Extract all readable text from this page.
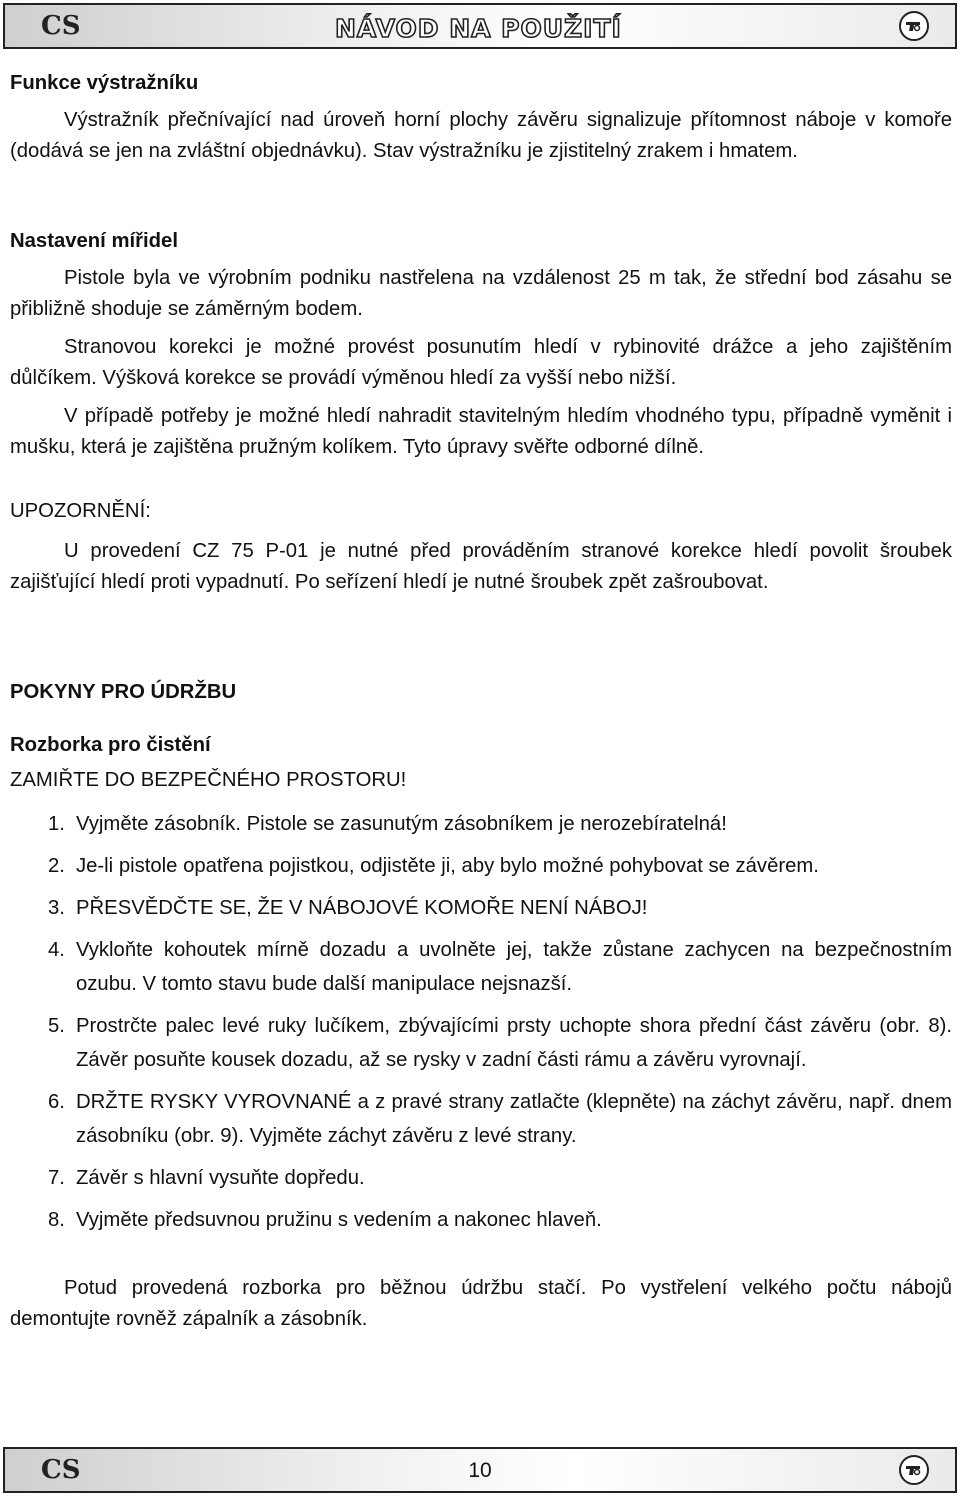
CS	NÁVOD NA POUŽITÍ
Funkce výstražníku

Výstražník přečnívající nad úroveň horní plochy závěru signalizuje přítomnost náboje v komoře (dodává se jen na zvláštní objednávku). Stav výstražníku je zjistitelný zrakem i hmatem.

Nastavení mířidel

Pistole byla ve výrobním podniku nastřelena na vzdálenost 25 m tak, že střední bod zásahu se přibližně shoduje se záměrným bodem.

Stranovou korekci je možné provést posunutím hledí v rybinovité drážce a jeho zajištěním důlčíkem. Výšková korekce se provádí výměnou hledí za vyšší nebo nižší.

V případě potřeby je možné hledí nahradit stavitelným hledím vhodného typu, případně vyměnit i mušku, která je zajištěna pružným kolíkem. Tyto úpravy svěřte odborné dílně.

UPOZORNĚNÍ:

U provedení CZ 75 P-01 je nutné před prováděním stranové korekce hledí povolit šroubek zajišťující hledí proti vypadnutí. Po seřízení hledí je nutné šroubek zpět zašroubovat.

POKYNY PRO ÚDRŽBU
Rozborka pro čistění

ZAMIŘTE DO BEZPEČNÉHO PROSTORU!

1. Vyjměte zásobník. Pistole se zasunutým zásobníkem je nerozebíratelná!
2. Je-li pistole opatřena pojistkou, odjistěte ji, aby bylo možné pohybovat se závěrem.
3. PŘESVĚDČTE SE, ŽE V NÁBOJOVÉ KOMOŘE NENÍ NÁBOJ!
4. Vykloňte kohoutek mírně dozadu a uvolněte jej, takže zůstane zachycen na bezpečnostním ozubu. V tomto stavu bude další manipulace nejsnazší.
5. Prostrčte palec levé ruky lučíkem, zbývajícími prsty uchopte shora přední část závěru (obr. 8). Závěr posuňte kousek dozadu, až se rysky v zadní části rámu a závěru vyrovnají.
6. DRŽTE RYSKY VYROVNANÉ a z pravé strany zatlačte (klepněte) na záchyt závěru, např. dnem zásobníku (obr. 9). Vyjměte záchyt závěru z levé strany.
7. Závěr s hlavní vysuňte dopředu.
8. Vyjměte předsuvnou pružinu s vedením a nakonec hlaveň.

Potud provedená rozborka pro běžnou údržbu stačí. Po vystřelení velkého počtu nábojů demontujte rovněž zápalník a zásobník.

CS	10
